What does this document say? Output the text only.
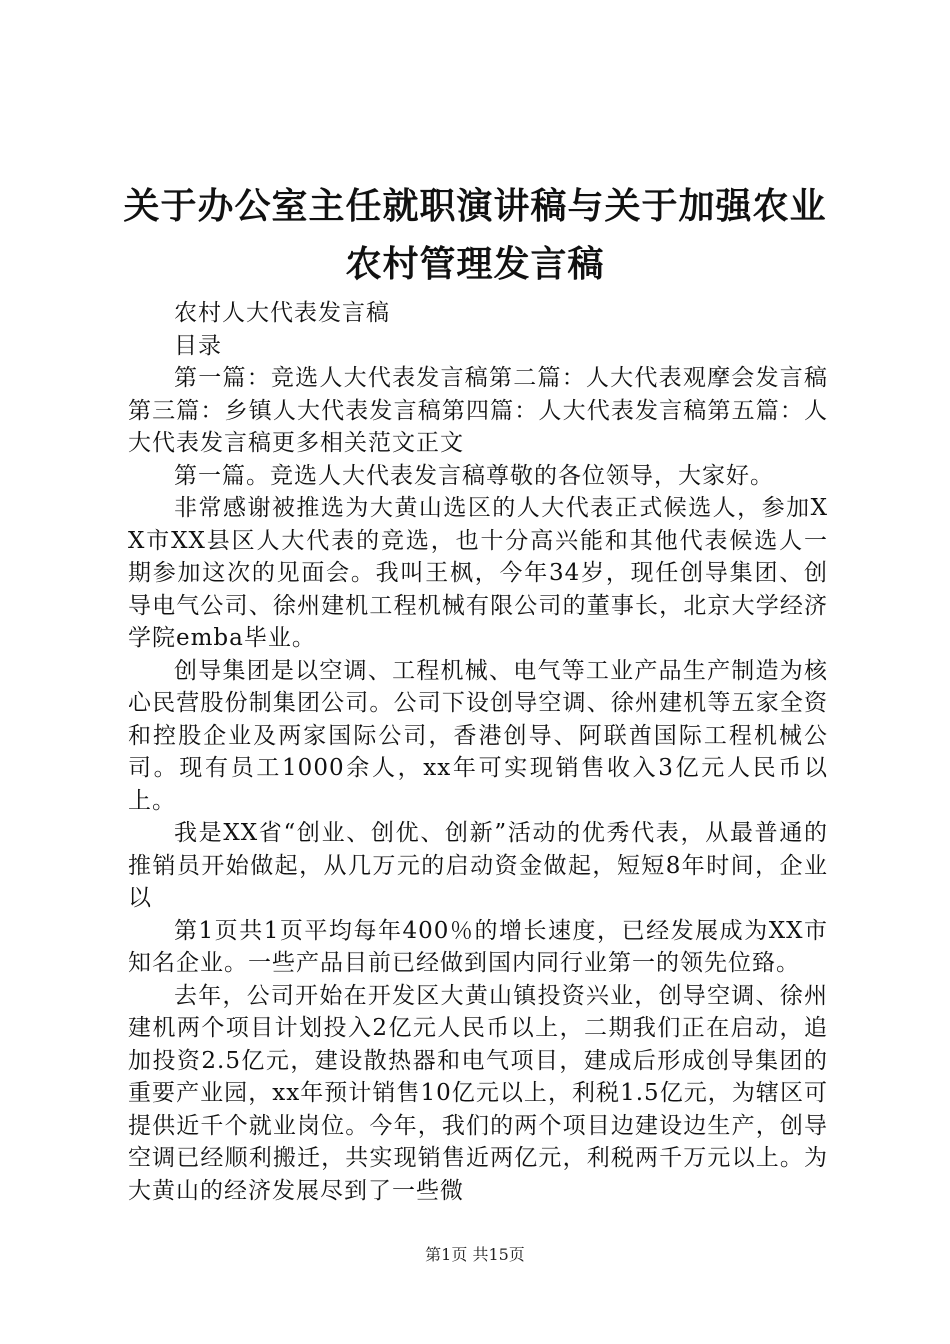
关于办公室主任就职演讲稿与关于加强农业农村管理发言稿

农村人大代表发言稿

目录

第一篇：竞选人大代表发言稿第二篇：人大代表观摩会发言稿第三篇：乡镇人大代表发言稿第四篇：人大代表发言稿第五篇：人大代表发言稿更多相关范文正文

第一篇。竞选人大代表发言稿尊敬的各位领导，大家好。

非常感谢被推选为大黄山选区的人大代表正式候选人，参加XX市XX县区人大代表的竞选，也十分高兴能和其他代表候选人一期参加这次的见面会。我叫王枫，今年34岁，现任创导集团、创导电气公司、徐州建机工程机械有限公司的董事长，北京大学经济学院emba毕业。

创导集团是以空调、工程机械、电气等工业产品生产制造为核心民营股份制集团公司。公司下设创导空调、徐州建机等五家全资和控股企业及两家国际公司，香港创导、阿联酋国际工程机械公司。现有员工1000余人，xx年可实现销售收入3亿元人民币以上。

我是XX省“创业、创优、创新”活动的优秀代表，从最普通的推销员开始做起，从几万元的启动资金做起，短短8年时间，企业以

第1页共1页平均每年400％的增长速度，已经发展成为XX市知名企业。一些产品目前已经做到国内同行业第一的领先位臵。

去年，公司开始在开发区大黄山镇投资兴业，创导空调、徐州建机两个项目计划投入2亿元人民币以上，二期我们正在启动，追加投资2.5亿元，建设散热器和电气项目，建成后形成创导集团的重要产业园，xx年预计销售10亿元以上，利税1.5亿元，为辖区可提供近千个就业岗位。今年，我们的两个项目边建设边生产，创导空调已经顺利搬迁，共实现销售近两亿元，利税两千万元以上。为大黄山的经济发展尽到了一些微

第1页 共15页
